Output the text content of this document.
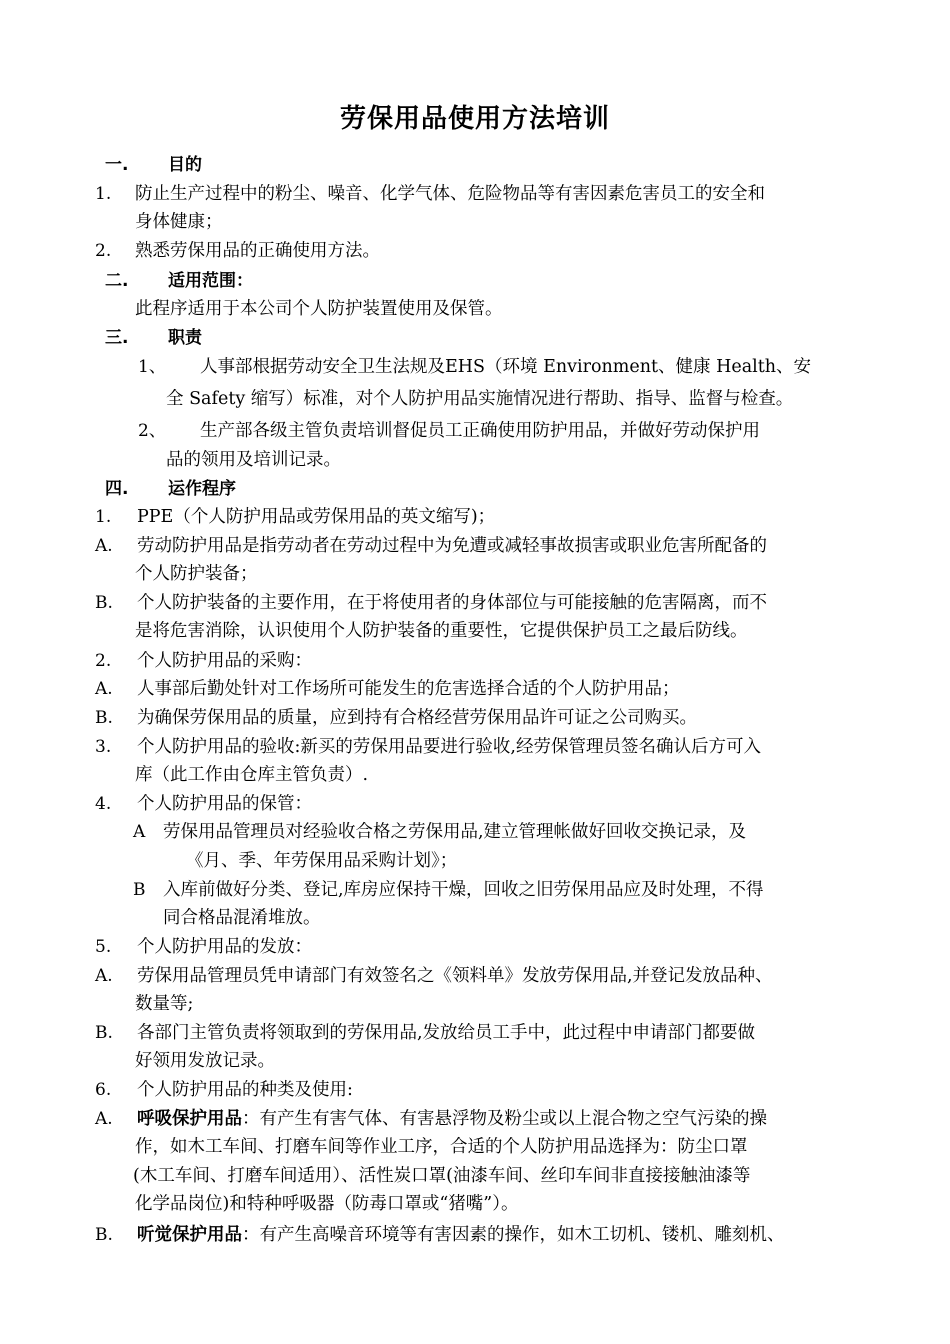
劳保用品使用方法培训
一. 目的
1. 防止生产过程中的粉尘、噪音、化学气体、危险物品等有害因素危害员工的安全和
身体健康；
2. 熟悉劳保用品的正确使用方法。
二. 适用范围：
此程序适用于本公司个人防护装置使用及保管。
三. 职责
1、 人事部根据劳动安全卫生法规及EHS（环境 Environment、健康 Health、安
全 Safety 缩写）标准，对个人防护用品实施情况进行帮助、指导、监督与检查。
2、 生产部各级主管负责培训督促员工正确使用防护用品，并做好劳动保护用
品的领用及培训记录。
四. 运作程序
1. PPE（个人防护用品或劳保用品的英文缩写)；
A. 劳动防护用品是指劳动者在劳动过程中为免遭或减轻事故损害或职业危害所配备的
个人防护装备；
B. 个人防护装备的主要作用，在于将使用者的身体部位与可能接触的危害隔离，而不
是将危害消除，认识使用个人防护装备的重要性，它提供保护员工之最后防线。
2. 个人防护用品的采购：
A. 人事部后勤处针对工作场所可能发生的危害选择合适的个人防护用品；
B. 为确保劳保用品的质量，应到持有合格经营劳保用品许可证之公司购买。
3. 个人防护用品的验收:新买的劳保用品要进行验收,经劳保管理员签名确认后方可入
库（此工作由仓库主管负责）.
4. 个人防护用品的保管：
A 劳保用品管理员对经验收合格之劳保用品,建立管理帐做好回收交换记录，及
《月、季、年劳保用品采购计划》；
B 入库前做好分类、登记,库房应保持干燥，回收之旧劳保用品应及时处理，不得
同合格品混淆堆放。
5. 个人防护用品的发放：
A. 劳保用品管理员凭申请部门有效签名之《领料单》发放劳保用品,并登记发放品种、
数量等;
B. 各部门主管负责将领取到的劳保用品,发放给员工手中，此过程中申请部门都要做
好领用发放记录。
6. 个人防护用品的种类及使用:
A. 呼吸保护用品：有产生有害气体、有害悬浮物及粉尘或以上混合物之空气污染的操
作，如木工车间、打磨车间等作业工序，合适的个人防护用品选择为：防尘口罩
(木工车间、打磨车间适用）、活性炭口罩(油漆车间、丝印车间非直接接触油漆等
化学品岗位)和特种呼吸器（防毒口罩或“猪嘴”）。
B. 听觉保护用品：有产生高噪音环境等有害因素的操作，如木工切机、镂机、雕刻机、
